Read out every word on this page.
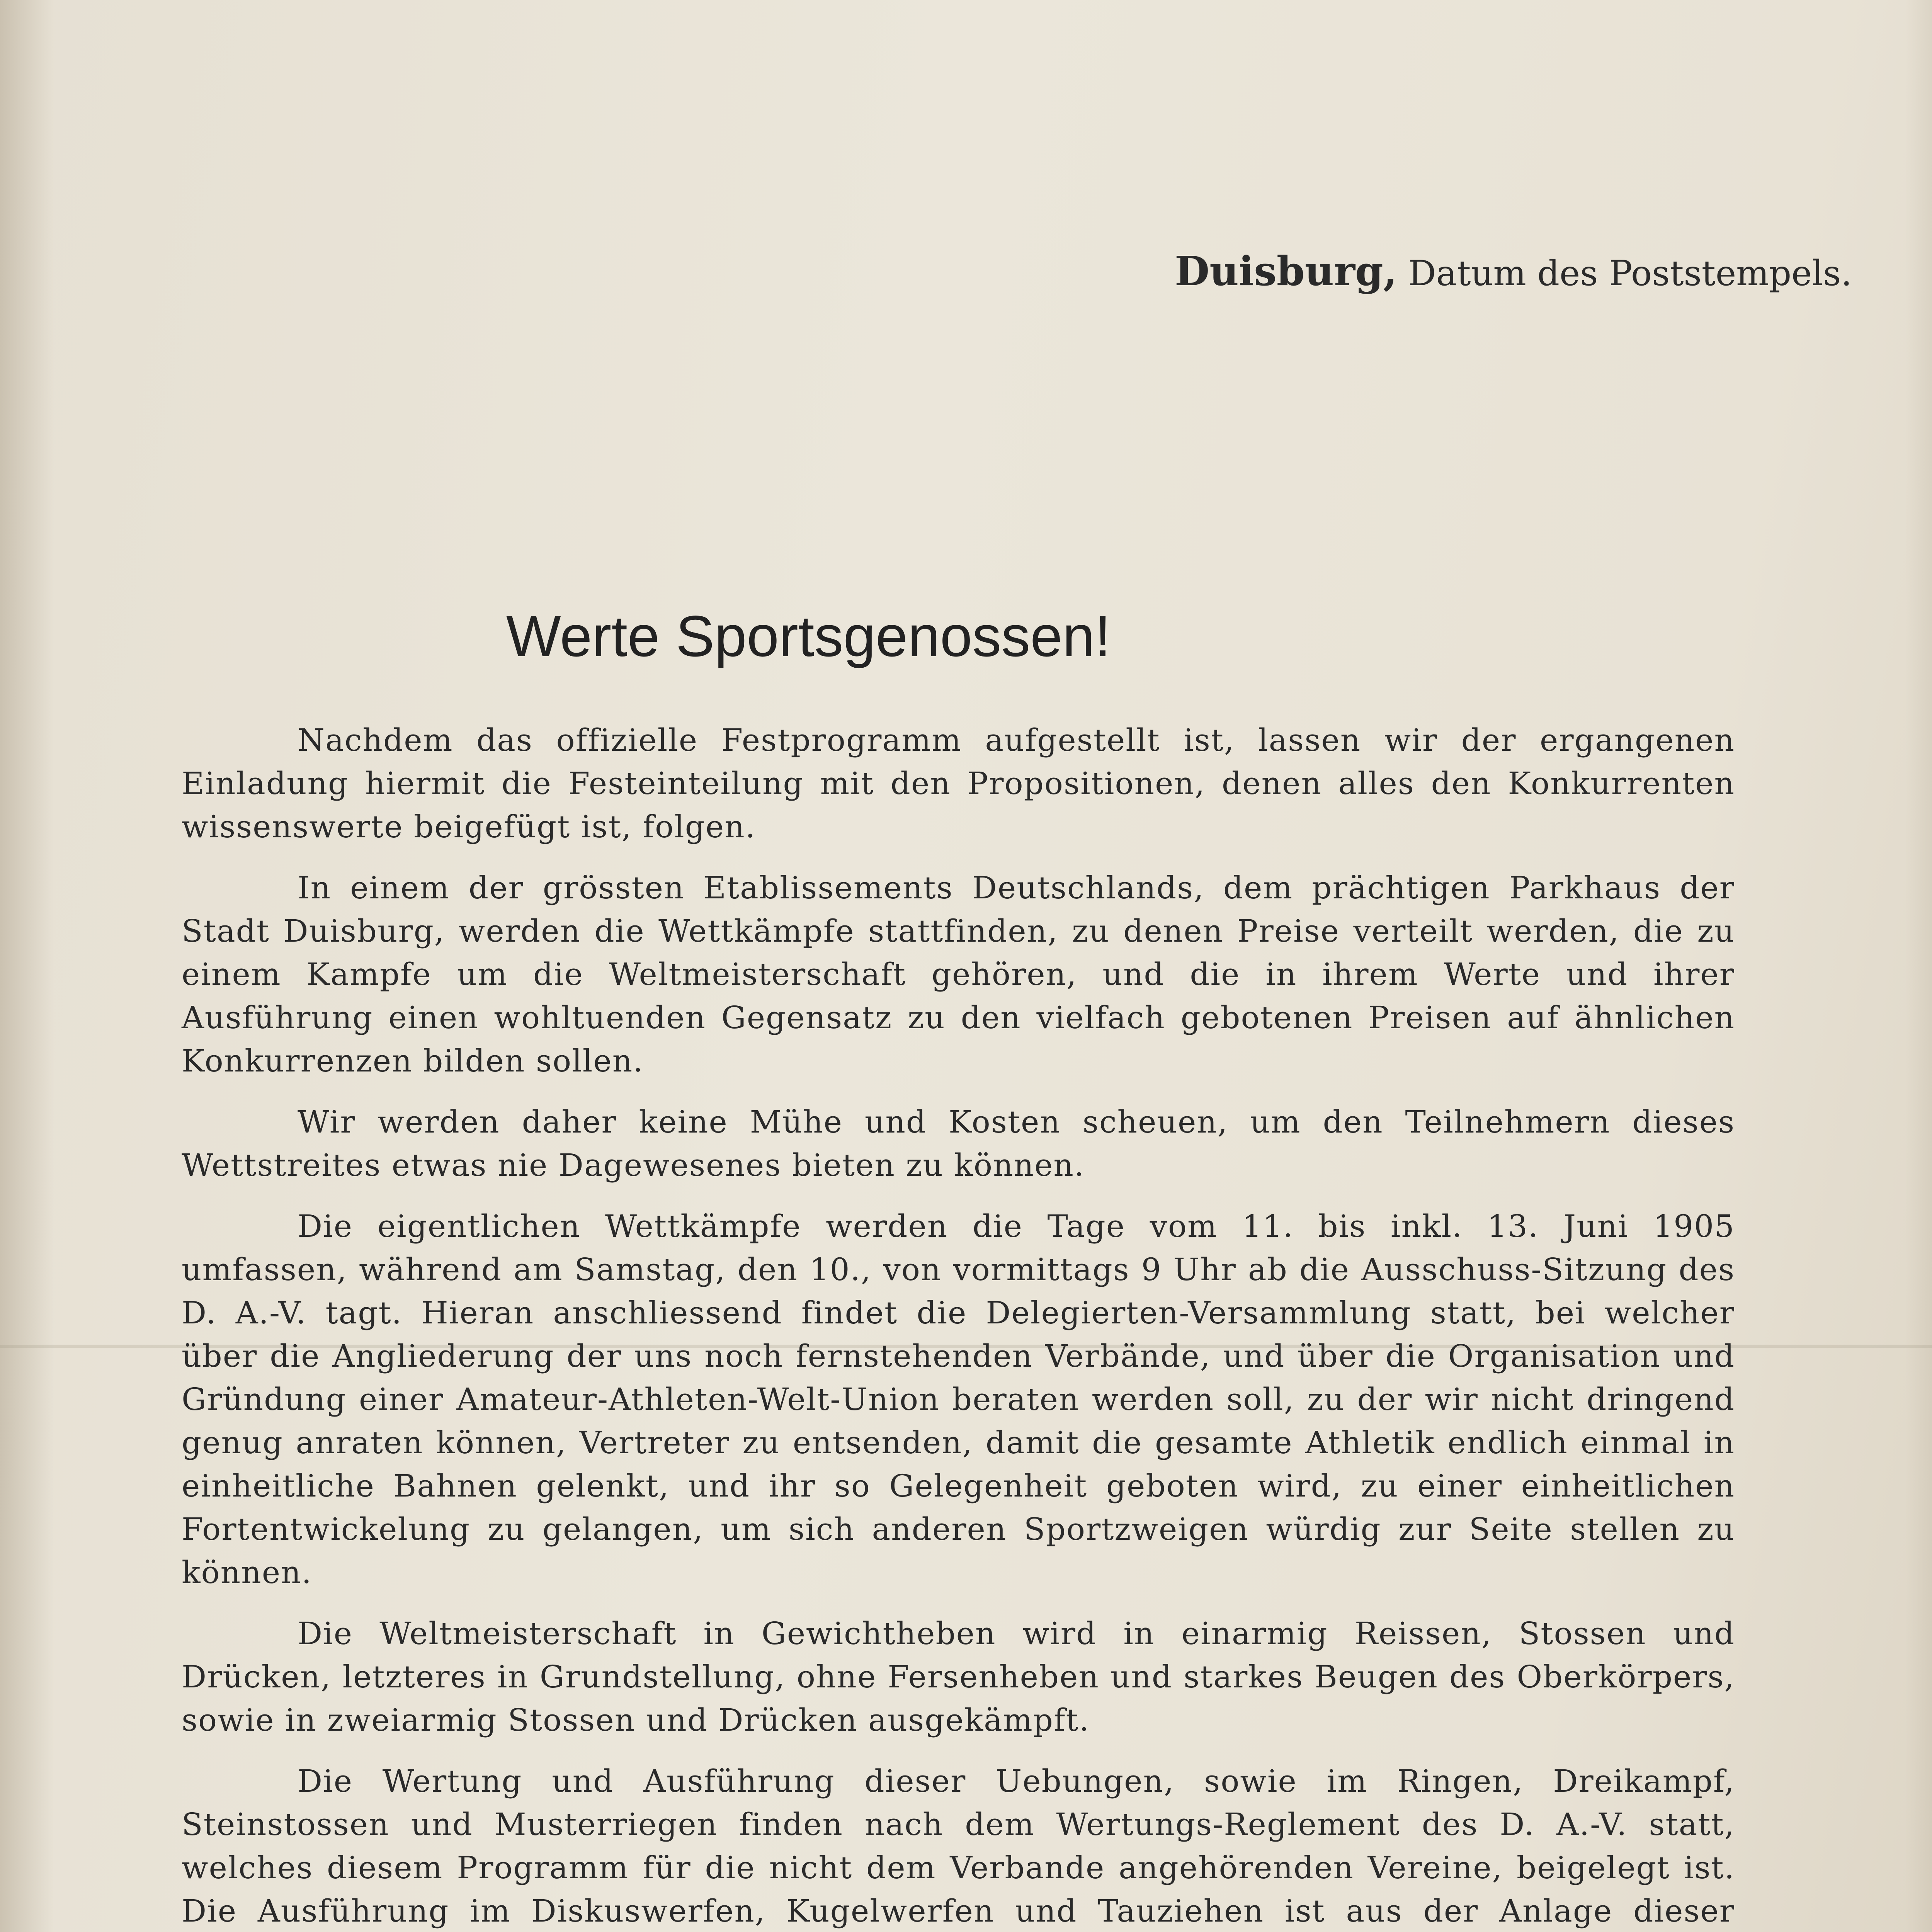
Duisburg, Datum des Poststempels.
Werte Sportsgenossen!

Nachdem das offizielle Festprogramm aufgestellt ist, lassen wir der ergangenen Einladung hiermit die Festeinteilung mit den Propositionen, denen alles den Konkurrenten wissenswerte beigefügt ist, folgen.

In einem der grössten Etablissements Deutschlands, dem prächtigen Parkhaus der Stadt Duisburg, werden die Wettkämpfe stattfinden, zu denen Preise verteilt werden, die zu einem Kampfe um die Weltmeisterschaft gehören, und die in ihrem Werte und ihrer Ausführung einen wohltuenden Gegensatz zu den vielfach gebotenen Preisen auf ähnlichen Konkurrenzen bilden sollen.

Wir werden daher keine Mühe und Kosten scheuen, um den Teilnehmern dieses Wettstreites etwas nie Dagewesenes bieten zu können.

Die eigentlichen Wettkämpfe werden die Tage vom 11. bis inkl. 13. Juni 1905 umfassen, während am Samstag, den 10., von vormittags 9 Uhr ab die Ausschuss-Sitzung des D. A.-V. tagt. Hieran anschliessend findet die Delegierten-Versammlung statt, bei welcher über die Angliederung der uns noch fernstehenden Verbände, und über die Organisation und Gründung einer Amateur-Athleten-Welt-Union beraten werden soll, zu der wir nicht dringend genug anraten können, Vertreter zu entsenden, damit die gesamte Athletik endlich einmal in einheitliche Bahnen gelenkt, und ihr so Gelegenheit geboten wird, zu einer einheitlichen Fortentwickelung zu gelangen, um sich anderen Sportzweigen würdig zur Seite stellen zu können.

Die Weltmeisterschaft in Gewichtheben wird in einarmig Reissen, Stossen und Drücken, letzteres in Grundstellung, ohne Fersenheben und starkes Beugen des Oberkörpers, sowie in zweiarmig Stossen und Drücken ausgekämpft.

Die Wertung und Ausführung dieser Uebungen, sowie im Ringen, Dreikampf, Steinstossen und Musterriegen finden nach dem Wertungs-Reglement des D. A.-V. statt, welches diesem Programm für die nicht dem Verbande angehörenden Vereine, beigelegt ist. Die Ausführung im Diskuswerfen, Kugelwerfen und Tauziehen ist aus der Anlage dieser
